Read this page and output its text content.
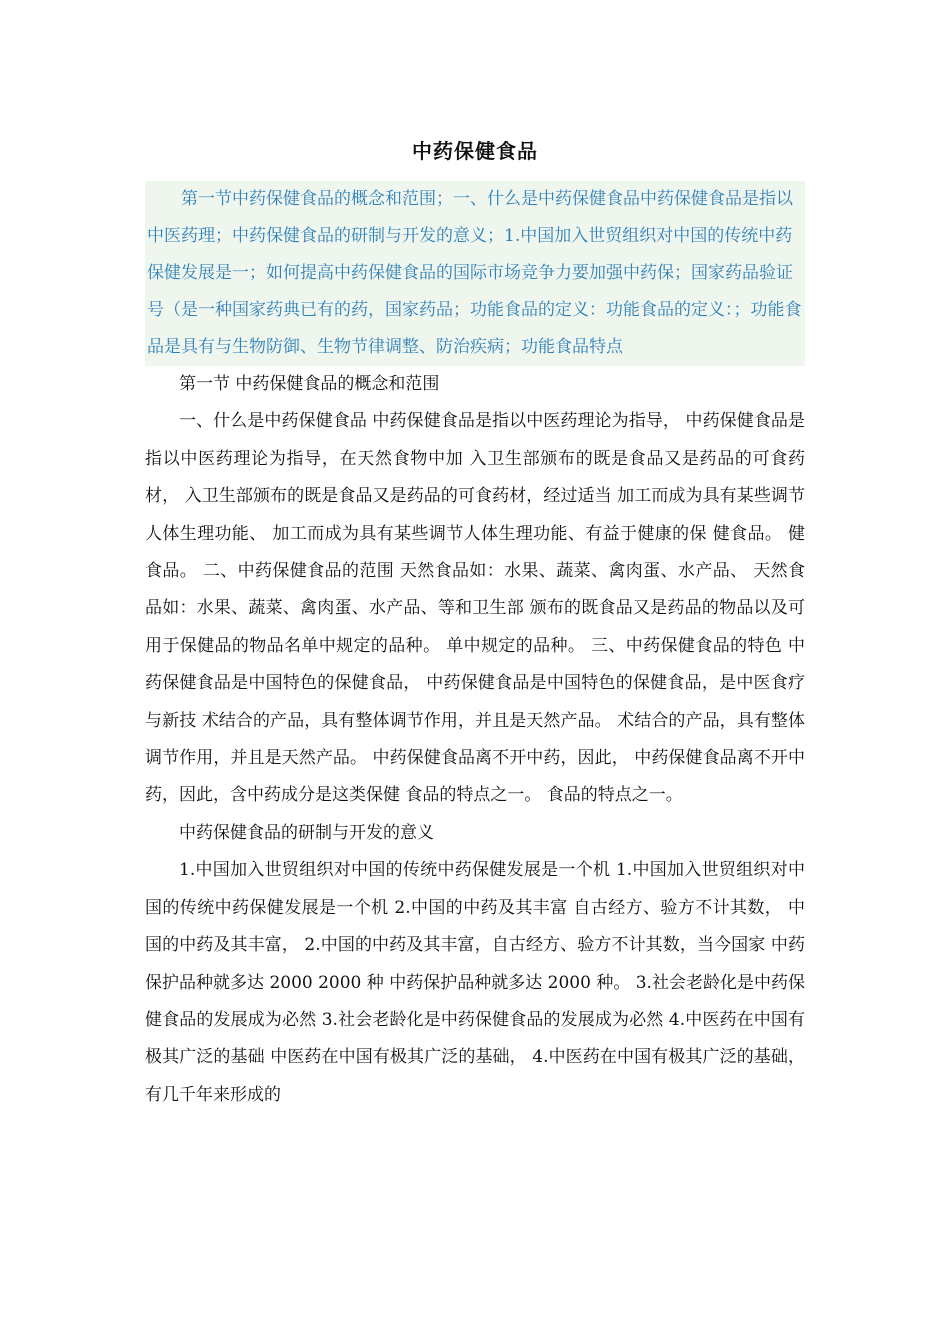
中药保健食品

第一节中药保健食品的概念和范围；一、什么是中药保健食品中药保健食品是指以中医药理；中药保健食品的研制与开发的意义；1.中国加入世贸组织对中国的传统中药保健发展是一；如何提高中药保健食品的国际市场竞争力要加强中药保；国家药品验证号（是一种国家药典已有的药，国家药品；功能食品的定义：功能食品的定义：；功能食品是具有与生物防御、生物节律调整、防治疾病；功能食品特点

第一节 中药保健食品的概念和范围

一、什么是中药保健食品 中药保健食品是指以中医药理论为指导， 中药保健食品是指以中医药理论为指导，在天然食物中加 入卫生部颁布的既是食品又是药品的可食药材， 入卫生部颁布的既是食品又是药品的可食药材，经过适当 加工而成为具有某些调节人体生理功能、 加工而成为具有某些调节人体生理功能、有益于健康的保 健食品。 健食品。 二、中药保健食品的范围 天然食品如：水果、蔬菜、禽肉蛋、水产品、 天然食品如：水果、蔬菜、禽肉蛋、水产品、等和卫生部 颁布的既食品又是药品的物品以及可用于保健品的物品名单中规定的品种。 单中规定的品种。 三、中药保健食品的特色 中药保健食品是中国特色的保健食品， 中药保健食品是中国特色的保健食品，是中医食疗与新技 术结合的产品，具有整体调节作用，并且是天然产品。 术结合的产品，具有整体调节作用，并且是天然产品。 中药保健食品离不开中药，因此， 中药保健食品离不开中药，因此，含中药成分是这类保健 食品的特点之一。 食品的特点之一。

中药保健食品的研制与开发的意义

1.中国加入世贸组织对中国的传统中药保健发展是一个机 1.中国加入世贸组织对中国的传统中药保健发展是一个机 2.中国的中药及其丰富 自古经方、验方不计其数， 中国的中药及其丰富， 2.中国的中药及其丰富，自古经方、验方不计其数，当今国家 中药保护品种就多达 2000 2000 种 中药保护品种就多达 2000 种。 3.社会老龄化是中药保健食品的发展成为必然 3.社会老龄化是中药保健食品的发展成为必然 4.中医药在中国有极其广泛的基础 中医药在中国有极其广泛的基础， 4.中医药在中国有极其广泛的基础，有几千年来形成的
